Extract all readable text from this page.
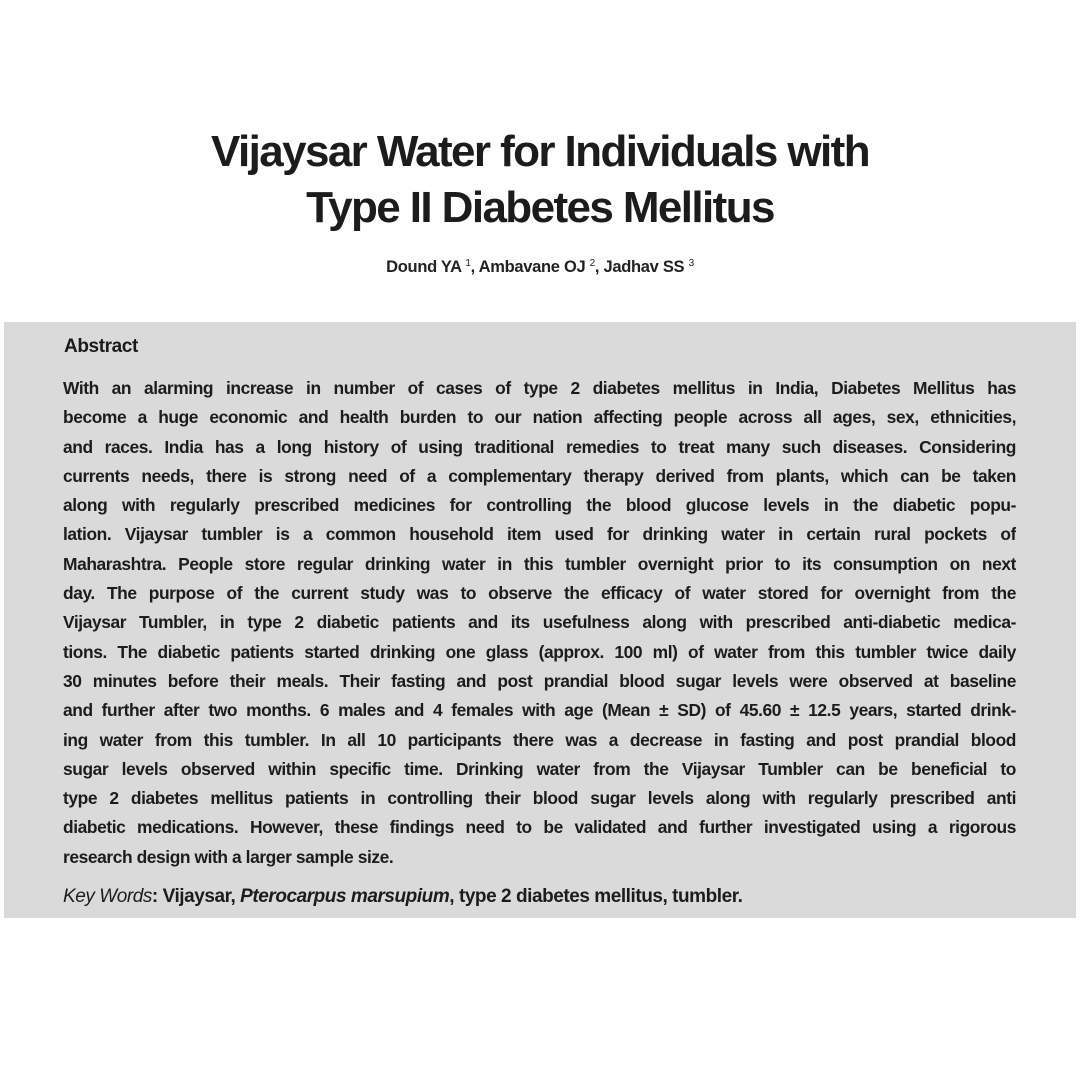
Vijaysar Water for Individuals with
Type II Diabetes Mellitus
Dound YA $^1$, Ambavane OJ $^2$, Jadhav SS $^3$
Abstract
With an alarming increase in number of cases of type 2 diabetes mellitus in India, Diabetes Mellitus has
become a huge economic and health burden to our nation affecting people across all ages, sex, ethnicities,
and races. India has a long history of using traditional remedies to treat many such diseases. Considering
currents needs, there is strong need of a complementary therapy derived from plants, which can be taken
along with regularly prescribed medicines for controlling the blood glucose levels in the diabetic popu-
lation. Vijaysar tumbler is a common household item used for drinking water in certain rural pockets of
Maharashtra. People store regular drinking water in this tumbler overnight prior to its consumption on next
day. The purpose of the current study was to observe the efficacy of water stored for overnight from the
Vijaysar Tumbler, in type 2 diabetic patients and its usefulness along with prescribed anti-diabetic medica-
tions. The diabetic patients started drinking one glass (approx. 100 ml) of water from this tumbler twice daily
30 minutes before their meals. Their fasting and post prandial blood sugar levels were observed at baseline
and further after two months. 6 males and 4 females with age (Mean ± SD) of 45.60 ± 12.5 years, started drink-
ing water from this tumbler. In all 10 participants there was a decrease in fasting and post prandial blood
sugar levels observed within specific time. Drinking water from the Vijaysar Tumbler can be beneficial to
type 2 diabetes mellitus patients in controlling their blood sugar levels along with regularly prescribed anti
diabetic medications. However, these findings need to be validated and further investigated using a rigorous
research design with a larger sample size.
Key Words: Vijaysar, Pterocarpus marsupium, type 2 diabetes mellitus, tumbler.
